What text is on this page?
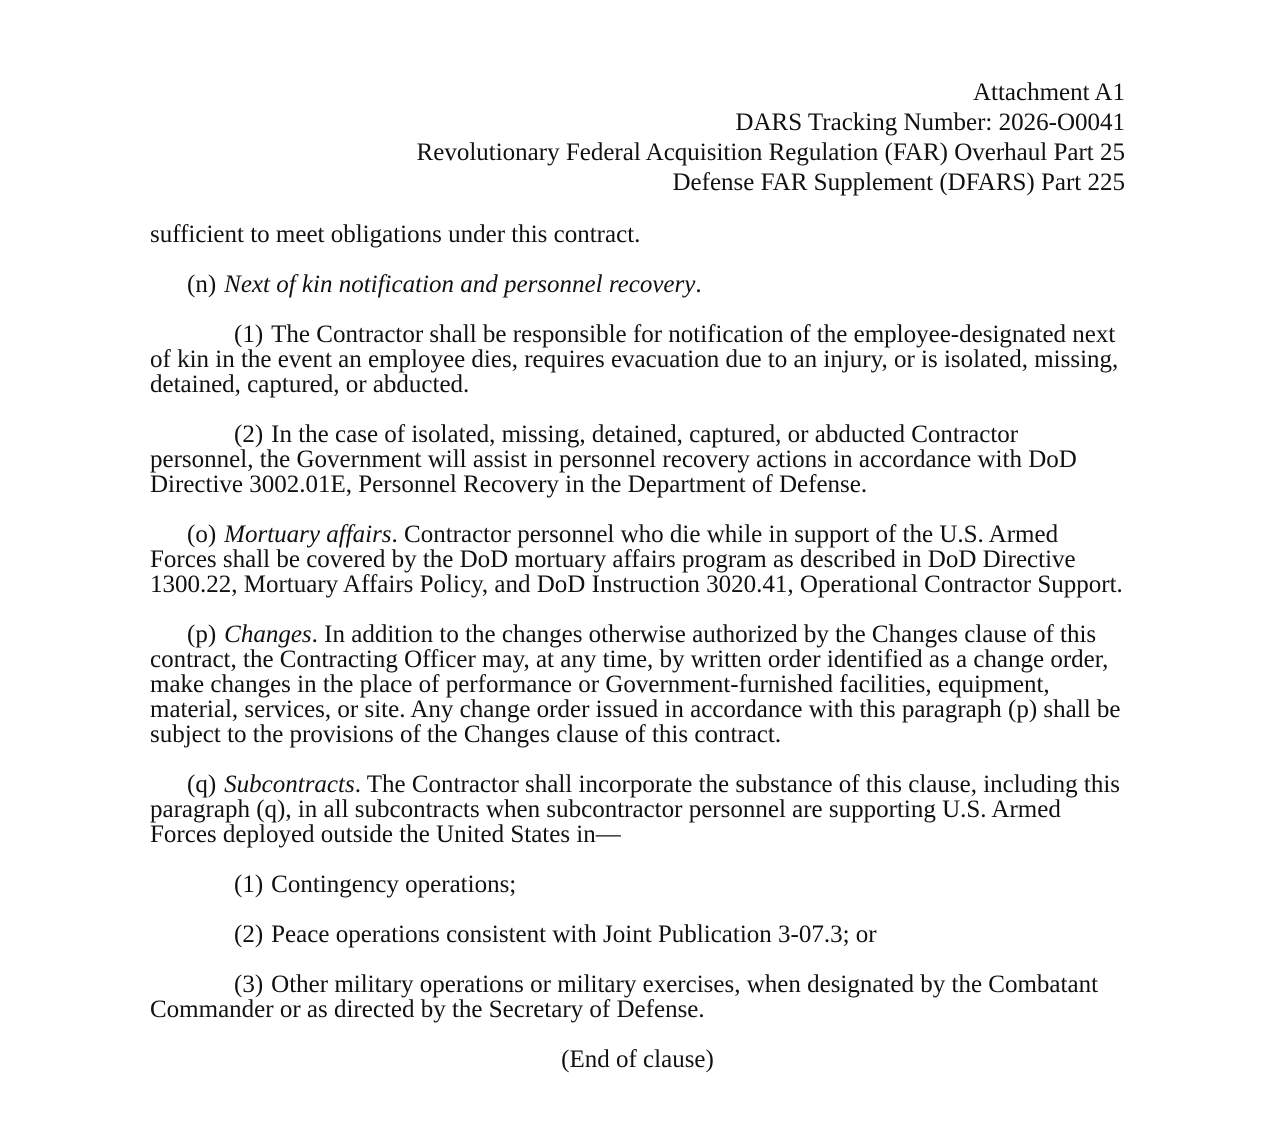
Attachment A1
DARS Tracking Number: 2026-O0041
Revolutionary Federal Acquisition Regulation (FAR) Overhaul Part 25
Defense FAR Supplement (DFARS) Part 225

sufficient to meet obligations under this contract.

(n) Next of kin notification and personnel recovery.

(1) The Contractor shall be responsible for notification of the employee-designated next of kin in the event an employee dies, requires evacuation due to an injury, or is isolated, missing, detained, captured, or abducted.

(2) In the case of isolated, missing, detained, captured, or abducted Contractor personnel, the Government will assist in personnel recovery actions in accordance with DoD Directive 3002.01E, Personnel Recovery in the Department of Defense.

(o) Mortuary affairs. Contractor personnel who die while in support of the U.S. Armed Forces shall be covered by the DoD mortuary affairs program as described in DoD Directive 1300.22, Mortuary Affairs Policy, and DoD Instruction 3020.41, Operational Contractor Support.

(p) Changes. In addition to the changes otherwise authorized by the Changes clause of this contract, the Contracting Officer may, at any time, by written order identified as a change order, make changes in the place of performance or Government-furnished facilities, equipment, material, services, or site. Any change order issued in accordance with this paragraph (p) shall be subject to the provisions of the Changes clause of this contract.

(q) Subcontracts. The Contractor shall incorporate the substance of this clause, including this paragraph (q), in all subcontracts when subcontractor personnel are supporting U.S. Armed Forces deployed outside the United States in—

(1) Contingency operations;

(2) Peace operations consistent with Joint Publication 3-07.3; or

(3) Other military operations or military exercises, when designated by the Combatant Commander or as directed by the Secretary of Defense.

(End of clause)
